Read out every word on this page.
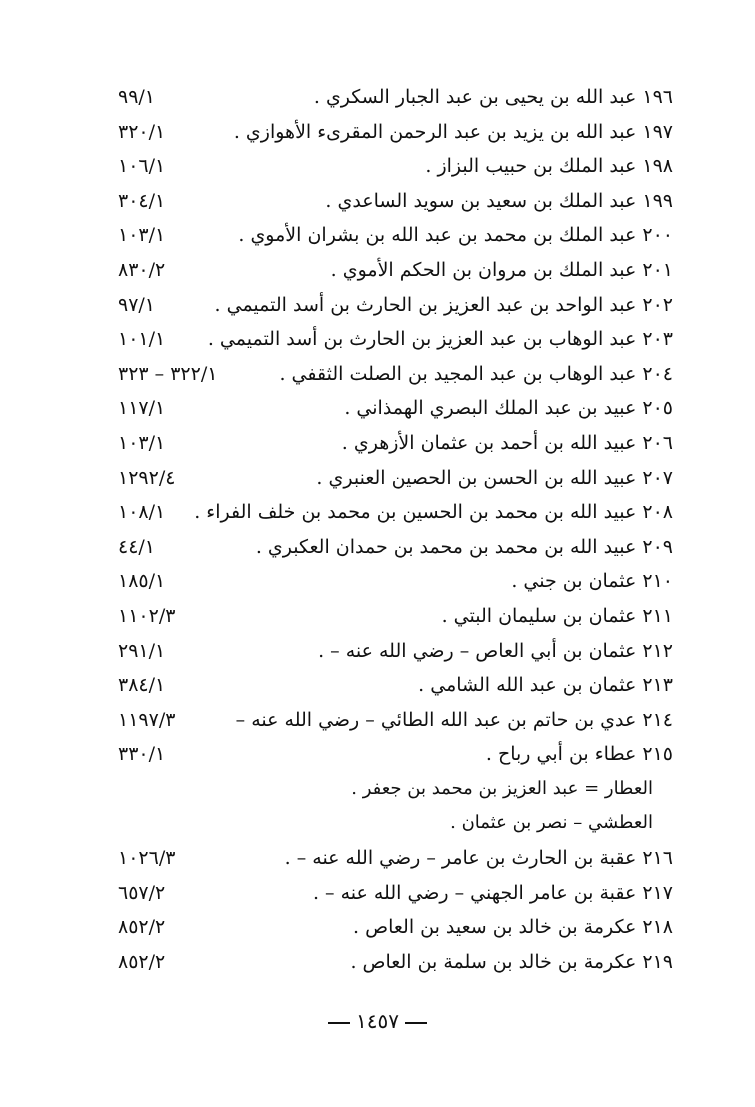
١٩٦عبد الله بن يحيى بن عبد الجبار السكري .
٩٩/١
١٩٧عبد الله بن يزيد بن عبد الرحمن المقرىء الأهوازي .
٣٢٠/١
١٩٨عبد الملك بن حبيب البزاز .
١٠٦/١
١٩٩عبد الملك بن سعيد بن سويد الساعدي .
٣٠٤/١
٢٠٠عبد الملك بن محمد بن عبد الله بن بشران الأموي .
١٠٣/١
٢٠١عبد الملك بن مروان بن الحكم الأموي .
٨٣٠/٢
٢٠٢عبد الواحد بن عبد العزيز بن الحارث بن أسد التميمي .
٩٧/١
٢٠٣عبد الوهاب بن عبد العزيز بن الحارث بن أسد التميمي .
١٠١/١
٢٠٤عبد الوهاب بن عبد المجيد بن الصلت الثقفي .
٣٢٢/١ – ٣٢٣
٢٠٥عبيد بن عبد الملك البصري الهمذاني .
١١٧/١
٢٠٦عبيد الله بن أحمد بن عثمان الأزهري .
١٠٣/١
٢٠٧عبيد الله بن الحسن بن الحصين العنبري .
١٢٩٢/٤
٢٠٨عبيد الله بن محمد بن الحسين بن محمد بن خلف الفراء .
١٠٨/١
٢٠٩عبيد الله بن محمد بن محمد بن حمدان العكبري .
٤٤/١
٢١٠عثمان بن جني .
١٨٥/١
٢١١عثمان بن سليمان البتي .
١١٠٢/٣
٢١٢عثمان بن أبي العاص – رضي الله عنه – .
٢٩١/١
٢١٣عثمان بن عبد الله الشامي .
٣٨٤/١
٢١٤عدي بن حاتم بن عبد الله الطائي – رضي الله عنه –
١١٩٧/٣
٢١٥عطاء بن أبي رباح .
٣٣٠/١
العطار = عبد العزيز بن محمد بن جعفر .
العطشي – نصر بن عثمان .
٢١٦عقبة بن الحارث بن عامر – رضي الله عنه – .
١٠٢٦/٣
٢١٧عقبة بن عامر الجهني – رضي الله عنه – .
٦٥٧/٢
٢١٨عكرمة بن خالد بن سعيد بن العاص .
٨٥٢/٢
٢١٩عكرمة بن خالد بن سلمة بن العاص .
٨٥٢/٢
١٤٥٧
